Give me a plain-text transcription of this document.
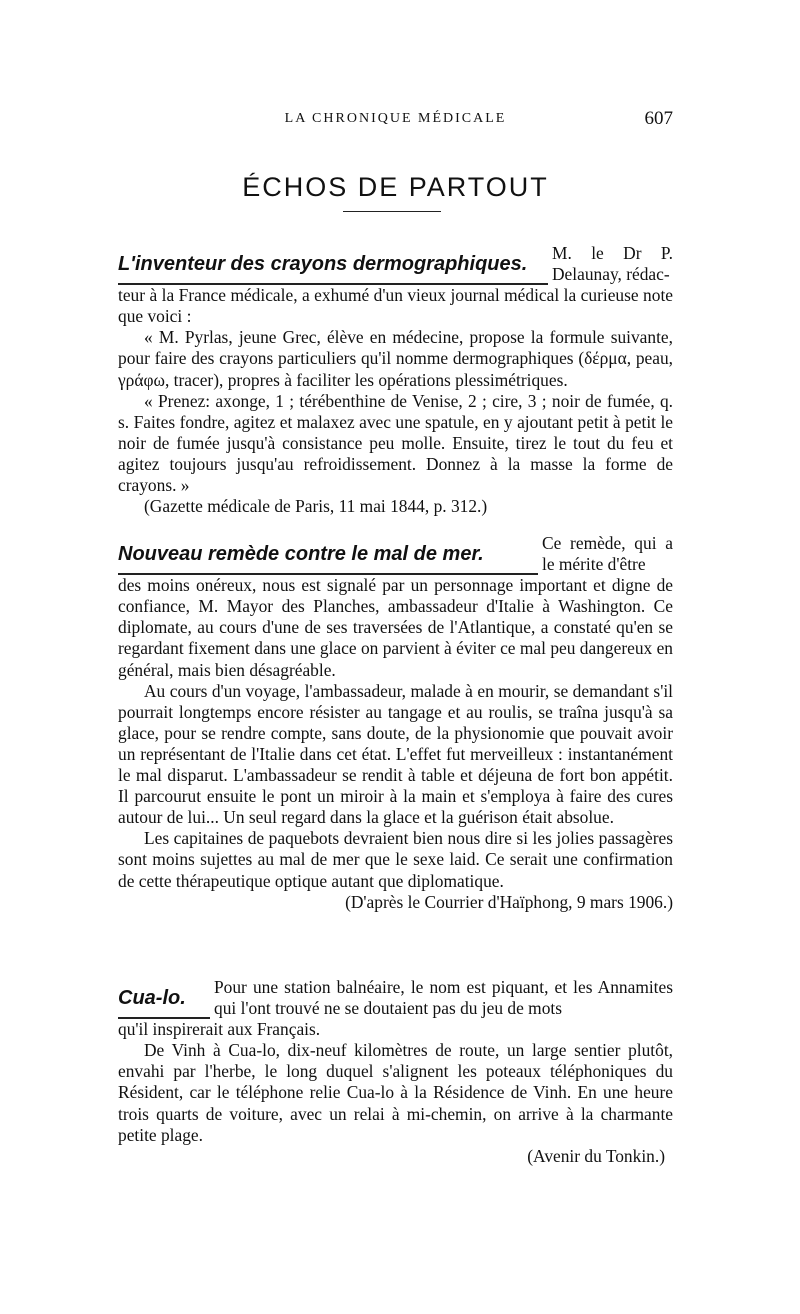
LA CHRONIQUE MÉDICALE	607
ÉCHOS DE PARTOUT
L'inventeur des crayons dermographiques.	M. le Dr P. Delaunay, rédac-

teur à la France médicale, a exhumé d'un vieux journal médical la curieuse note que voici :

« M. Pyrlas, jeune Grec, élève en médecine, propose la formule suivante, pour faire des crayons particuliers qu'il nomme dermographiques (δέρμα, peau, γράφω, tracer), propres à faciliter les opérations plessimétriques.

« Prenez: axonge, 1 ; térébenthine de Venise, 2 ; cire, 3 ; noir de fumée, q. s. Faites fondre, agitez et malaxez avec une spatule, en y ajoutant petit à petit le noir de fumée jusqu'à consistance peu molle. Ensuite, tirez le tout du feu et agitez toujours jusqu'au refroidissement. Donnez à la masse la forme de crayons. »

(Gazette médicale de Paris, 11 mai 1844, p. 312.)
Nouveau remède contre le mal de mer.	Ce remède, qui a le mérite d'être

des moins onéreux, nous est signalé par un personnage important et digne de confiance, M. Mayor des Planches, ambassadeur d'Italie à Washington. Ce diplomate, au cours d'une de ses traversées de l'Atlantique, a constaté qu'en se regardant fixement dans une glace on parvient à éviter ce mal peu dangereux en général, mais bien désagréable.

Au cours d'un voyage, l'ambassadeur, malade à en mourir, se demandant s'il pourrait longtemps encore résister au tangage et au roulis, se traîna jusqu'à sa glace, pour se rendre compte, sans doute, de la physionomie que pouvait avoir un représentant de l'Italie dans cet état. L'effet fut merveilleux : instantanément le mal disparut. L'ambassadeur se rendit à table et déjeuna de fort bon appétit. Il parcourut ensuite le pont un miroir à la main et s'employa à faire des cures autour de lui... Un seul regard dans la glace et la guérison était absolue.

Les capitaines de paquebots devraient bien nous dire si les jolies passagères sont moins sujettes au mal de mer que le sexe laid. Ce serait une confirmation de cette thérapeutique optique autant que diplomatique.

(D'après le Courrier d'Haïphong, 9 mars 1906.)
Cua-lo.	Pour une station balnéaire, le nom est piquant, et les Annamites qui l'ont trouvé ne se doutaient pas du jeu de mots

qu'il inspirerait aux Français.

De Vinh à Cua-lo, dix-neuf kilomètres de route, un large sentier plutôt, envahi par l'herbe, le long duquel s'alignent les poteaux téléphoniques du Résident, car le téléphone relie Cua-lo à la Résidence de Vinh. En une heure trois quarts de voiture, avec un relai à mi-chemin, on arrive à la charmante petite plage.

(Avenir du Tonkin.)
